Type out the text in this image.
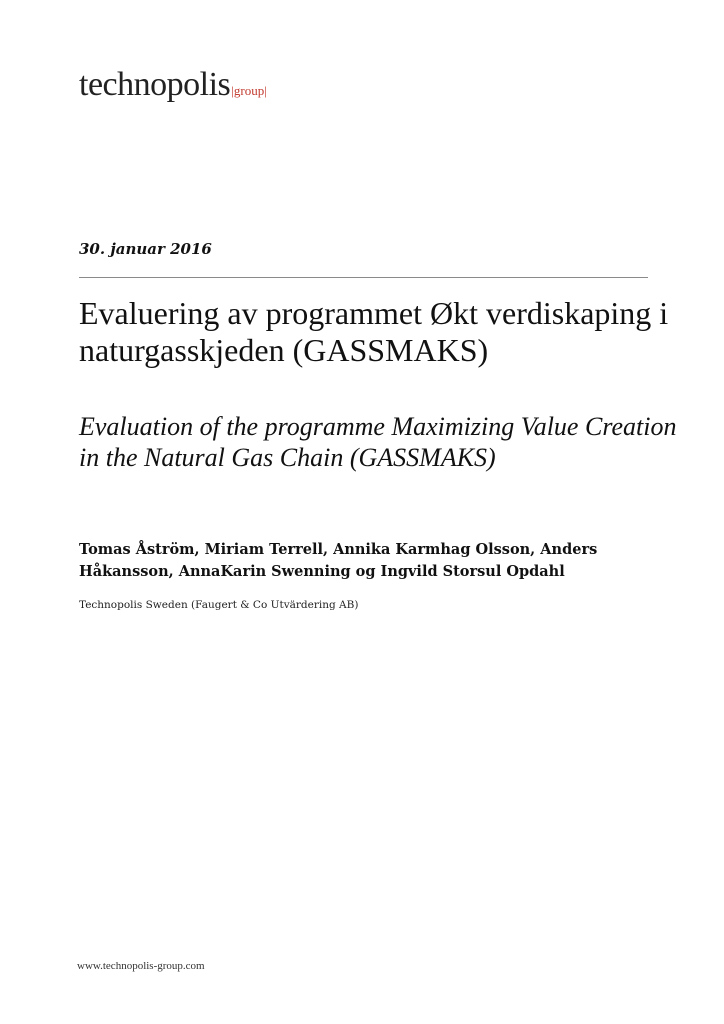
technopolis |group|
30. januar 2016
Evaluering av programmet Økt verdiskaping i naturgasskjeden (GASSMAKS)
Evaluation of the programme Maximizing Value Creation in the Natural Gas Chain (GASSMAKS)
Tomas Åström, Miriam Terrell, Annika Karmhag Olsson, Anders Håkansson, AnnaKarin Swenning og Ingvild Storsul Opdahl
Technopolis Sweden (Faugert & Co Utvärdering AB)
www.technopolis-group.com
